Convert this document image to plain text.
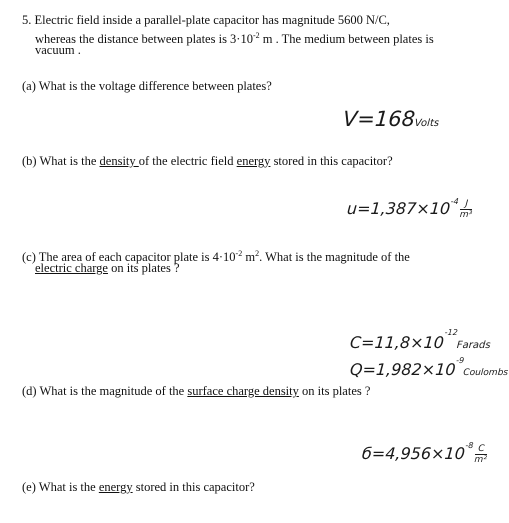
5. Electric field inside a parallel-plate capacitor has magnitude 5600 N/C,

whereas the distance between plates is $3\cdot 10^{-2}$ m . The medium between plates is

vacuum .

(a) What is the voltage difference between plates?

V=168Volts

(b) What is the density of the electric field energy stored in this capacitor?

$u=1,387\times 10^{-4} \frac{J}{\text{m³}}$

(c) The area of each capacitor plate is $4\cdot 10^{-2}$ $m^2$. What is the magnitude of the

electric charge on its plates ?

$C=11,8\times 10^{-12}Farads$
$Q=1,982\times 10^{-9}Coulombs$

(d) What is the magnitude of the surface charge density on its plates ?

$б=4,956\times 10^{-8} \frac{C}{\text{m²}}$

(e) What is the energy stored in this capacitor?
